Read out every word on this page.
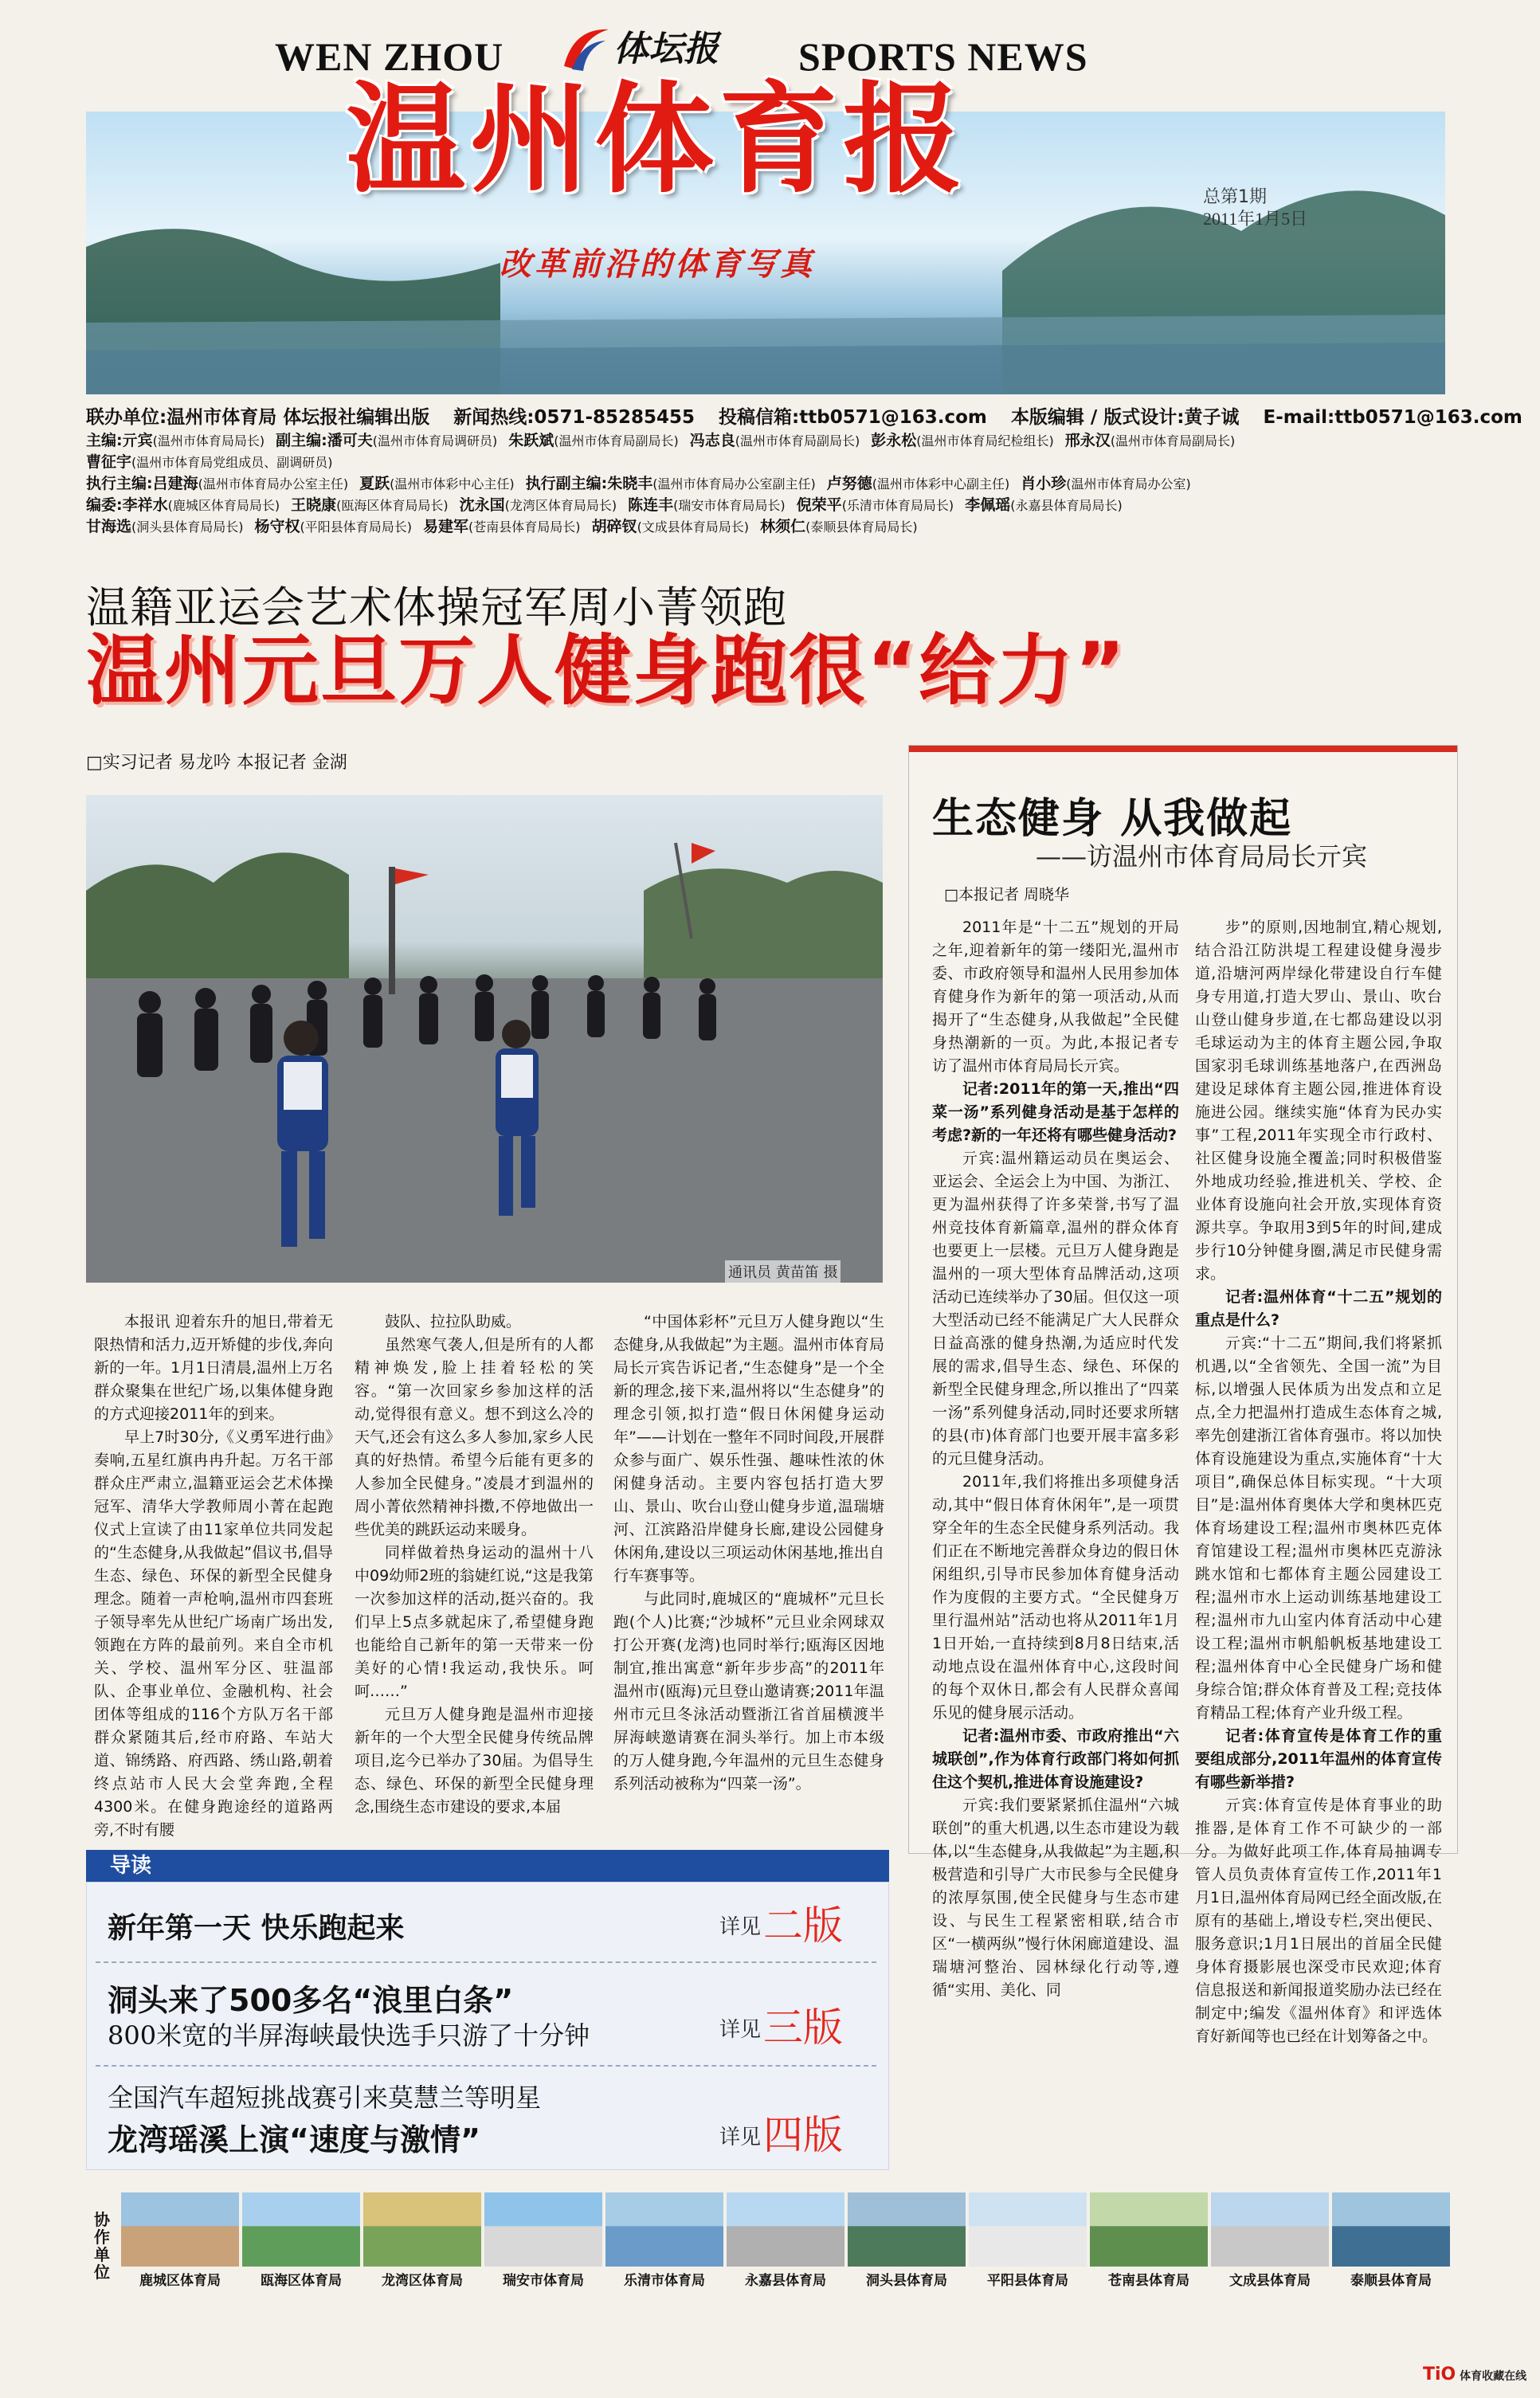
WEN ZHOU	体坛报 SPORTS NEWS
温州体育报
改革前沿的体育写真
总第1期
2011年1月5日
联办单位:温州市体育局 体坛报社编辑出版 新闻热线:0571-85285455 投稿信箱:ttb0571@163.com 本版编辑 / 版式设计:黄子诚 E-mail:ttb0571@163.com
主编:亓宾(温州市体育局局长) 副主编:潘可夫(温州市体育局调研员) 朱跃斌(温州市体育局副局长) 冯志良(温州市体育局副局长) 彭永松(温州市体育局纪检组长) 邢永汉(温州市体育局副局长)
曹征宇(温州市体育局党组成员、副调研员)
执行主编:吕建海(温州市体育局办公室主任) 夏跃(温州市体彩中心主任) 执行副主编:朱晓丰(温州市体育局办公室副主任) 卢努德(温州市体彩中心副主任) 肖小珍(温州市体育局办公室)
编委:李祥水(鹿城区体育局局长) 王晓康(瓯海区体育局局长) 沈永国(龙湾区体育局局长) 陈连丰(瑞安市体育局局长) 倪荣平(乐清市体育局局长) 李佩瑶(永嘉县体育局局长)
甘海选(洞头县体育局局长) 杨守权(平阳县体育局局长) 易建军(苍南县体育局局长) 胡碎钗(文成县体育局局长) 林须仁(泰顺县体育局局长)
温籍亚运会艺术体操冠军周小菁领跑
温州元旦万人健身跑很“给力”
□实习记者 易龙吟 本报记者 金湖
通讯员 黄苗笛 摄

本报讯 迎着东升的旭日,带着无限热情和活力,迈开矫健的步伐,奔向新的一年。1月1日清晨,温州上万名群众聚集在世纪广场,以集体健身跑的方式迎接2011年的到来。

早上7时30分,《义勇军进行曲》奏响,五星红旗冉冉升起。万名干部群众庄严肃立,温籍亚运会艺术体操冠军、清华大学教师周小菁在起跑仪式上宣读了由11家单位共同发起的“生态健身,从我做起”倡议书,倡导生态、绿色、环保的新型全民健身理念。随着一声枪响,温州市四套班子领导率先从世纪广场南广场出发,领跑在方阵的最前列。来自全市机关、学校、温州军分区、驻温部队、企事业单位、金融机构、社会团体等组成的116个方队万名干部群众紧随其后,经市府路、车站大道、锦绣路、府西路、绣山路,朝着终点站市人民大会堂奔跑,全程4300米。在健身跑途经的道路两旁,不时有腰

鼓队、拉拉队助威。

虽然寒气袭人,但是所有的人都精神焕发,脸上挂着轻松的笑容。“第一次回家乡参加这样的活动,觉得很有意义。想不到这么冷的天气,还会有这么多人参加,家乡人民真的好热情。希望今后能有更多的人参加全民健身。”凌晨才到温州的周小菁依然精神抖擞,不停地做出一些优美的跳跃运动来暖身。

同样做着热身运动的温州十八中09幼师2班的翁婕红说,“这是我第一次参加这样的活动,挺兴奋的。我们早上5点多就起床了,希望健身跑也能给自己新年的第一天带来一份美好的心情!我运动,我快乐。呵呵……”

元旦万人健身跑是温州市迎接新年的一个大型全民健身传统品牌项目,迄今已举办了30届。为倡导生态、绿色、环保的新型全民健身理念,围绕生态市建设的要求,本届

“中国体彩杯”元旦万人健身跑以“生态健身,从我做起”为主题。温州市体育局局长亓宾告诉记者,“生态健身”是一个全新的理念,接下来,温州将以“生态健身”的理念引领,拟打造“假日休闲健身运动年”——计划在一整年不同时间段,开展群众参与面广、娱乐性强、趣味性浓的休闲健身活动。主要内容包括打造大罗山、景山、吹台山登山健身步道,温瑞塘河、江滨路沿岸健身长廊,建设公园健身休闲角,建设以三项运动休闲基地,推出自行车赛事等。

与此同时,鹿城区的“鹿城杯”元旦长跑(个人)比赛;“沙城杯”元旦业余网球双打公开赛(龙湾)也同时举行;瓯海区因地制宜,推出寓意“新年步步高”的2011年温州市(瓯海)元旦登山邀请赛;2011年温州市元旦冬泳活动暨浙江省首届横渡半屏海峡邀请赛在洞头举行。加上市本级的万人健身跑,今年温州的元旦生态健身系列活动被称为“四菜一汤”。

生态健身 从我做起
——访温州市体育局局长亓宾
□本报记者 周晓华

2011年是“十二五”规划的开局之年,迎着新年的第一缕阳光,温州市委、市政府领导和温州人民用参加体育健身作为新年的第一项活动,从而揭开了“生态健身,从我做起”全民健身热潮新的一页。为此,本报记者专访了温州市体育局局长亓宾。

记者:2011年的第一天,推出“四菜一汤”系列健身活动是基于怎样的考虑?新的一年还将有哪些健身活动?

亓宾:温州籍运动员在奥运会、亚运会、全运会上为中国、为浙江、更为温州获得了许多荣誉,书写了温州竞技体育新篇章,温州的群众体育也要更上一层楼。元旦万人健身跑是温州的一项大型体育品牌活动,这项活动已连续举办了30届。但仅这一项大型活动已经不能满足广大人民群众日益高涨的健身热潮,为适应时代发展的需求,倡导生态、绿色、环保的新型全民健身理念,所以推出了“四菜一汤”系列健身活动,同时还要求所辖的县(市)体育部门也要开展丰富多彩的元旦健身活动。

2011年,我们将推出多项健身活动,其中“假日体育休闲年”,是一项贯穿全年的生态全民健身系列活动。我们正在不断地完善群众身边的假日休闲组织,引导市民参加体育健身活动作为度假的主要方式。“全民健身万里行温州站”活动也将从2011年1月1日开始,一直持续到8月8日结束,活动地点设在温州体育中心,这段时间的每个双休日,都会有人民群众喜闻乐见的健身展示活动。

记者:温州市委、市政府推出“六城联创”,作为体育行政部门将如何抓住这个契机,推进体育设施建设?

亓宾:我们要紧紧抓住温州“六城联创”的重大机遇,以生态市建设为载体,以“生态健身,从我做起”为主题,积极营造和引导广大市民参与全民健身的浓厚氛围,使全民健身与生态市建设、与民生工程紧密相联,结合市区“一横两纵”慢行休闲廊道建设、温瑞塘河整治、园林绿化行动等,遵循“实用、美化、同

步”的原则,因地制宜,精心规划,结合沿江防洪堤工程建设健身漫步道,沿塘河两岸绿化带建设自行车健身专用道,打造大罗山、景山、吹台山登山健身步道,在七都岛建设以羽毛球运动为主的体育主题公园,争取国家羽毛球训练基地落户,在西洲岛建设足球体育主题公园,推进体育设施进公园。继续实施“体育为民办实事”工程,2011年实现全市行政村、社区健身设施全覆盖;同时积极借鉴外地成功经验,推进机关、学校、企业体育设施向社会开放,实现体育资源共享。争取用3到5年的时间,建成步行10分钟健身圈,满足市民健身需求。

记者:温州体育“十二五”规划的重点是什么?

亓宾:“十二五”期间,我们将紧抓机遇,以“全省领先、全国一流”为目标,以增强人民体质为出发点和立足点,全力把温州打造成生态体育之城,率先创建浙江省体育强市。将以加快体育设施建设为重点,实施体育“十大项目”,确保总体目标实现。“十大项目”是:温州体育奥体大学和奥林匹克体育场建设工程;温州市奥林匹克体育馆建设工程;温州市奥林匹克游泳跳水馆和七都体育主题公园建设工程;温州市水上运动训练基地建设工程;温州市九山室内体育活动中心建设工程;温州市帆船帆板基地建设工程;温州体育中心全民健身广场和健身综合馆;群众体育普及工程;竞技体育精品工程;体育产业升级工程。

记者:体育宣传是体育工作的重要组成部分,2011年温州的体育宣传有哪些新举措?

亓宾:体育宣传是体育事业的助推器,是体育工作不可缺少的一部分。为做好此项工作,体育局抽调专管人员负责体育宣传工作,2011年1月1日,温州体育局网已经全面改版,在原有的基础上,增设专栏,突出便民、服务意识;1月1日展出的首届全民健身体育摄影展也深受市民欢迎;体育信息报送和新闻报道奖励办法已经在制定中;编发《温州体育》和评选体育好新闻等也已经在计划筹备之中。

导读
新年第一天 快乐跑起来	详见 二版
洞头来了500多名“浪里白条”
800米宽的半屏海峡最快选手只游了十分钟	详见 三版
全国汽车超短挑战赛引来莫慧兰等明星
龙湾瑶溪上演“速度与激情”	详见 四版
协作单位	鹿城区体育局	瓯海区体育局	龙湾区体育局	瑞安市体育局	乐清市体育局	永嘉县体育局	洞头县体育局	平阳县体育局	苍南县体育局	文成县体育局	泰顺县体育局
TiO 体育收藏在线
